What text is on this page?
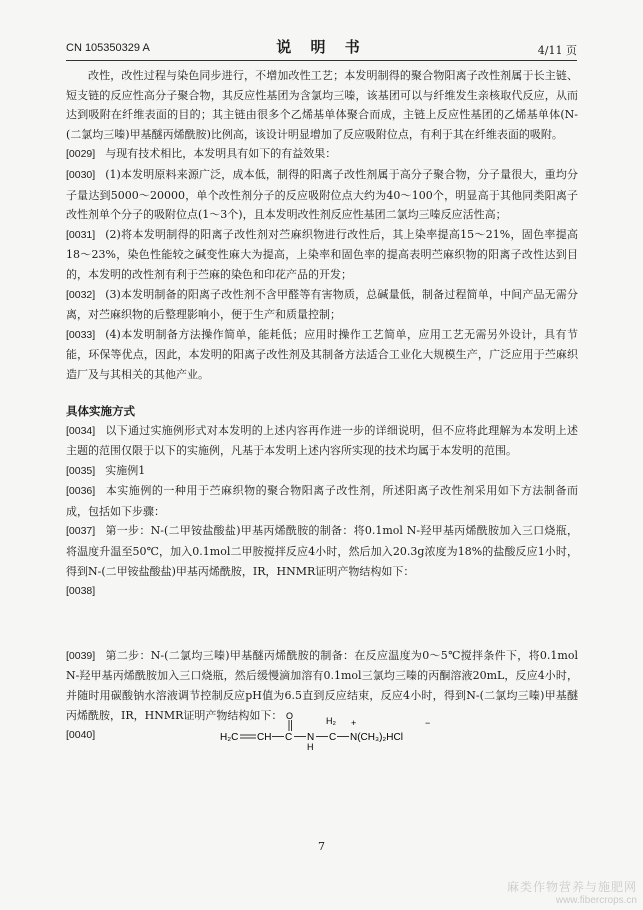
CN 105350329 A	说 明 书	4/11 页
改性，改性过程与染色同步进行，不增加改性工艺；本发明制得的聚合物阳离子改性剂属于长主链、短支链的反应性高分子聚合物，其反应性基团为含氯均三嗪，该基团可以与纤维发生亲核取代反应，从而达到吸附在纤维表面的目的；其主链由很多个乙烯基单体聚合而成，主链上反应性基团的乙烯基单体(N-(二氯均三嗪)甲基醚丙烯酰胺)比例高，该设计明显增加了反应吸附位点，有利于其在纤维表面的吸附。
[0029] 与现有技术相比，本发明具有如下的有益效果：
[0030] (1)本发明原料来源广泛，成本低，制得的阳离子改性剂属于高分子聚合物，分子量很大，重均分子量达到5000～20000，单个改性剂分子的反应吸附位点大约为40～100个，明显高于其他同类阳离子改性剂单个分子的吸附位点(1～3个)，且本发明改性剂反应性基团二氯均三嗪反应活性高；
[0031] (2)将本发明制得的阳离子改性剂对苎麻织物进行改性后，其上染率提高15～21%，固色率提高18～23%，染色性能较之碱变性麻大为提高，上染率和固色率的提高表明苎麻织物的阳离子改性达到目的，本发明的改性剂有利于苎麻的染色和印花产品的开发；
[0032] (3)本发明制备的阳离子改性剂不含甲醛等有害物质，总碱量低，制备过程简单，中间产品无需分离，对苎麻织物的后整理影响小，便于生产和质量控制；
[0033] (4)本发明制备方法操作简单，能耗低；应用时操作工艺简单，应用工艺无需另外设计，具有节能，环保等优点，因此，本发明的阳离子改性剂及其制备方法适合工业化大规模生产，广泛应用于苎麻织造厂及与其相关的其他产业。
具体实施方式
[0034] 以下通过实施例形式对本发明的上述内容再作进一步的详细说明，但不应将此理解为本发明上述主题的范围仅限于以下的实施例，凡基于本发明上述内容所实现的技术均属于本发明的范围。
[0035] 实施例1
[0036] 本实施例的一种用于苎麻织物的聚合物阳离子改性剂，所述阳离子改性剂采用如下方法制备而成，包括如下步骤：
[0037] 第一步：N-(二甲铵盐酸盐)甲基丙烯酰胺的制备：将0.1mol N-羟甲基丙烯酰胺加入三口烧瓶，将温度升温至50℃，加入0.1mol二甲胺搅拌反应4小时，然后加入20.3g浓度为18%的盐酸反应1小时，得到N-(二甲铵盐酸盐)甲基丙烯酰胺，IR，HNMR证明产物结构如下：
[0038]
[0039] 第二步：N-(二氯均三嗪)甲基醚丙烯酰胺的制备：在反应温度为0～5℃搅拌条件下，将0.1mol N-羟甲基丙烯酰胺加入三口烧瓶，然后缓慢滴加溶有0.1mol三氯均三嗪的丙酮溶液20mL，反应4小时，并随时用碳酸钠水溶液调节控制反应pH值为6.5直到反应结束，反应4小时，得到N-(二氯均三嗪)甲基醚丙烯酰胺，IR，HNMR证明产物结构如下：
[0040]	H₂C CH C
O
N
H
C
H₂
N(CH₃)₂HCl
+	−
7
麻类作物营养与施肥网
www.fibercrops.cn
